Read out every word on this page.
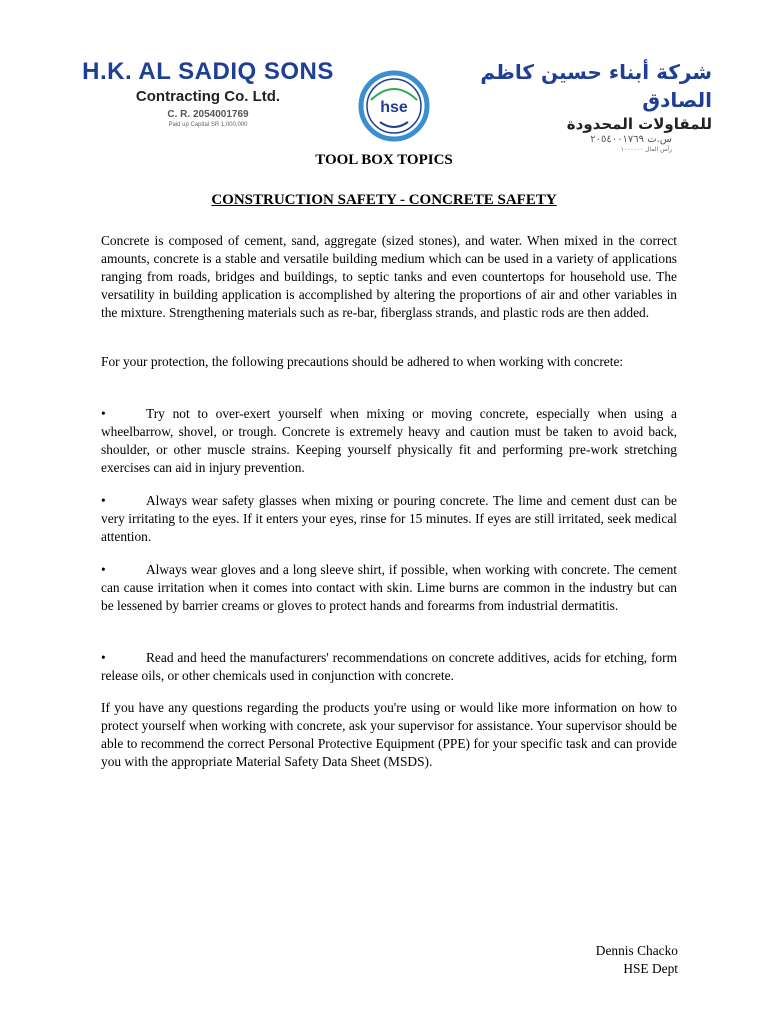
H.K. AL SADIQ SONS
Contracting Co. Ltd.
C. R. 2054001769
Paid up Capital SR 1,000,000
hse
شركة أبناء حسين كاظم الصادق
للمقاولات المحدودة
س.ت ٢٠٥٤٠٠١٧٦٩
رأس المال ١٠٠٠٠٠٠
TOOL BOX TOPICS
CONSTRUCTION SAFETY - CONCRETE SAFETY

Concrete is composed of cement, sand, aggregate (sized stones), and water. When mixed in the correct amounts, concrete is a stable and versatile building medium which can be used in a variety of applications ranging from roads, bridges and buildings, to septic tanks and even countertops for household use. The versatility in building application is accomplished by altering the proportions of air and other variables in the mixture. Strengthening materials such as re-bar, fiberglass strands, and plastic rods are then added.

For your protection, the following precautions should be adhered to when working with concrete:

•	Try not to over-exert yourself when mixing or moving concrete, especially when using a wheelbarrow, shovel, or trough. Concrete is extremely heavy and caution must be taken to avoid back, shoulder, or other muscle strains. Keeping yourself physically fit and performing pre-work stretching exercises can aid in injury prevention.

•	Always wear safety glasses when mixing or pouring concrete. The lime and cement dust can be very irritating to the eyes. If it enters your eyes, rinse for 15 minutes. If eyes are still irritated, seek medical attention.

•	Always wear gloves and a long sleeve shirt, if possible, when working with concrete. The cement can cause irritation when it comes into contact with skin. Lime burns are common in the industry but can be lessened by barrier creams or gloves to protect hands and forearms from industrial dermatitis.

•	Read and heed the manufacturers' recommendations on concrete additives, acids for etching, form release oils, or other chemicals used in conjunction with concrete.

If you have any questions regarding the products you're using or would like more information on how to protect yourself when working with concrete, ask your supervisor for assistance. Your supervisor should be able to recommend the correct Personal Protective Equipment (PPE) for your specific task and can provide you with the appropriate Material Safety Data Sheet (MSDS).

Dennis Chacko
HSE Dept
